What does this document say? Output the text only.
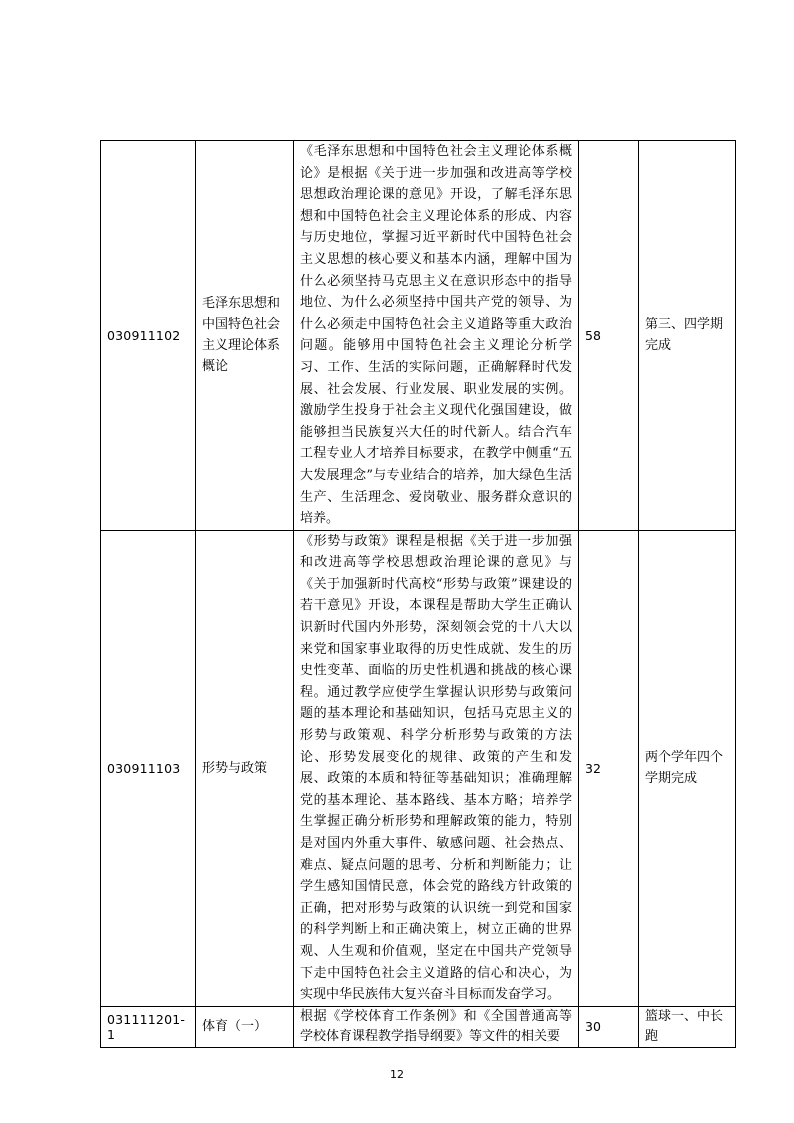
030911102	毛泽东思想和中国特色社会主义理论体系概论	《毛泽东思想和中国特色社会主义理论体系概论》是根据《关于进一步加强和改进高等学校思想政治理论课的意见》开设，了解毛泽东思想和中国特色社会主义理论体系的形成、内容与历史地位，掌握习近平新时代中国特色社会主义思想的核心要义和基本内涵，理解中国为什么必须坚持马克思主义在意识形态中的指导地位、为什么必须坚持中国共产党的领导、为什么必须走中国特色社会主义道路等重大政治问题。能够用中国特色社会主义理论分析学习、工作、生活的实际问题，正确解释时代发展、社会发展、行业发展、职业发展的实例。激励学生投身于社会主义现代化强国建设，做能够担当民族复兴大任的时代新人。结合汽车工程专业人才培养目标要求，在教学中侧重“五大发展理念”与专业结合的培养，加大绿色生活生产、生活理念、爱岗敬业、服务群众意识的培养。	58	第三、四学期完成
030911103	形势与政策	《形势与政策》课程是根据《关于进一步加强和改进高等学校思想政治理论课的意见》与《关于加强新时代高校“形势与政策”课建设的若干意见》开设，本课程是帮助大学生正确认识新时代国内外形势，深刻领会党的十八大以来党和国家事业取得的历史性成就、发生的历史性变革、面临的历史性机遇和挑战的核心课程。通过教学应使学生掌握认识形势与政策问题的基本理论和基础知识，包括马克思主义的形势与政策观、科学分析形势与政策的方法论、形势发展变化的规律、政策的产生和发展、政策的本质和特征等基础知识；准确理解党的基本理论、基本路线、基本方略；培养学生掌握正确分析形势和理解政策的能力，特别是对国内外重大事件、敏感问题、社会热点、难点、疑点问题的思考、分析和判断能力；让学生感知国情民意，体会党的路线方针政策的正确，把对形势与政策的认识统一到党和国家的科学判断上和正确决策上，树立正确的世界观、人生观和价值观，坚定在中国共产党领导下走中国特色社会主义道路的信心和决心，为实现中华民族伟大复兴奋斗目标而发奋学习。	32	两个学年四个学期完成
031111201-1	体育（一）	根据《学校体育工作条例》和《全国普通高等学校体育课程教学指导纲要》等文件的相关要	30	篮球一、中长跑
12
